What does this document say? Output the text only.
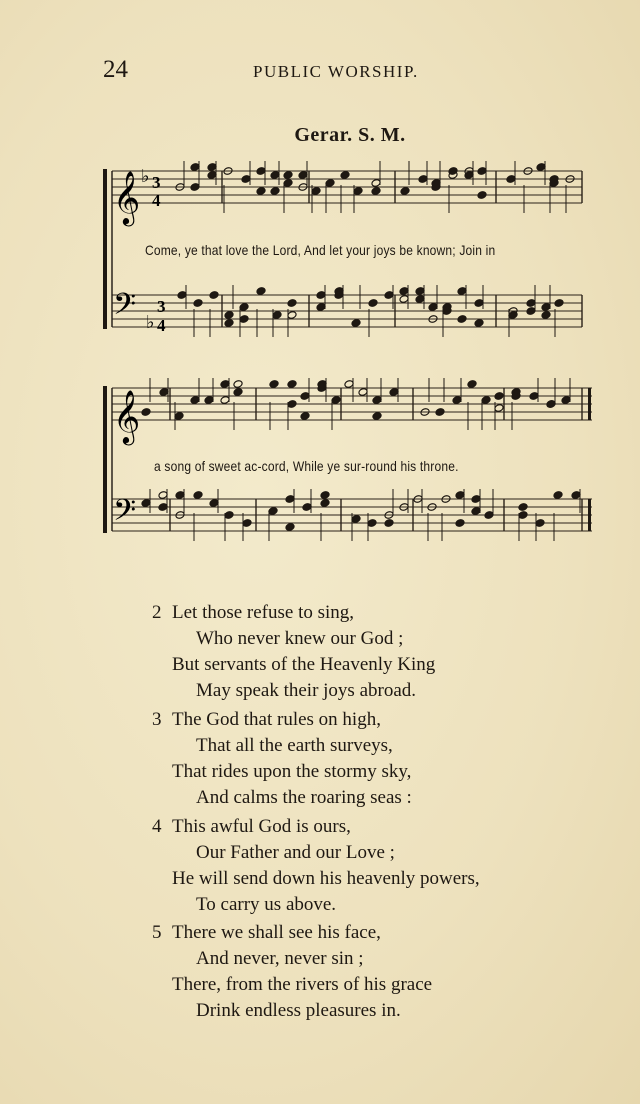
24	PUBLIC WORSHIP.
Gerar. S. M.
𝄞
𝄢
𝄞
𝄢
♭
♭
3
4
3
4
Come, ye that love the Lord, And let your joys be known; Join in
a song of sweet ac-cord, While ye sur-round his throne.
2 Let those refuse to sing,
Who never knew our God ;
But servants of the Heavenly King
May speak their joys abroad.
3 The God that rules on high,
That all the earth surveys,
That rides upon the stormy sky,
And calms the roaring seas :
4 This awful God is ours,
Our Father and our Love ;
He will send down his heavenly powers,
To carry us above.
5 There we shall see his face,
And never, never sin ;
There, from the rivers of his grace
Drink endless pleasures in.
